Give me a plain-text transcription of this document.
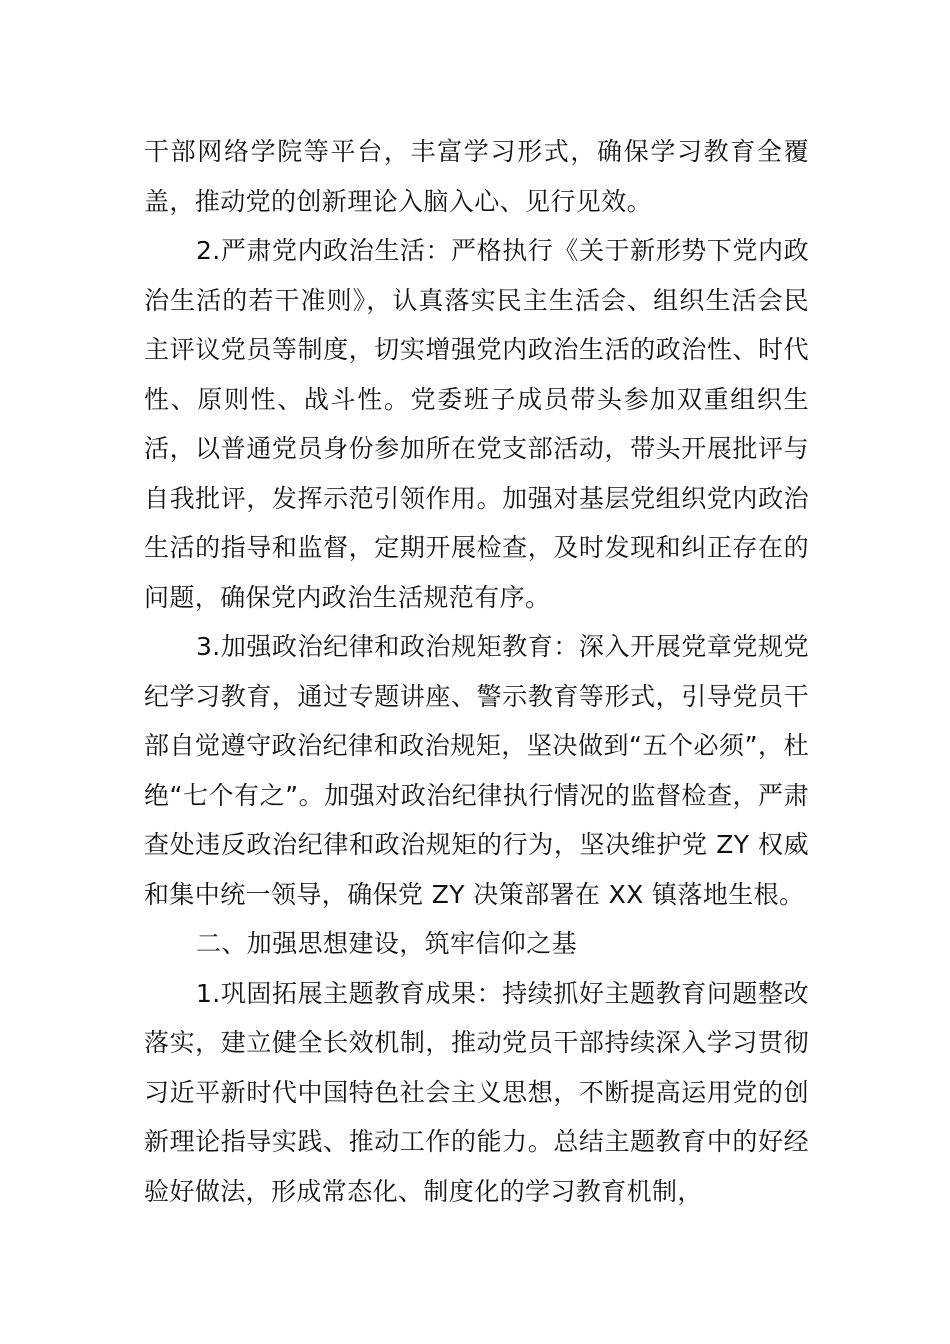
干部网络学院等平台，丰富学习形式，确保学习教育全覆盖，推动党的创新理论入脑入心、见行见效。

2.严肃党内政治生活：严格执行《关于新形势下党内政治生活的若干准则》，认真落实民主生活会、组织生活会民主评议党员等制度，切实增强党内政治生活的政治性、时代性、原则性、战斗性。党委班子成员带头参加双重组织生活，以普通党员身份参加所在党支部活动，带头开展批评与自我批评，发挥示范引领作用。加强对基层党组织党内政治生活的指导和监督，定期开展检查，及时发现和纠正存在的问题，确保党内政治生活规范有序。

3.加强政治纪律和政治规矩教育：深入开展党章党规党纪学习教育，通过专题讲座、警示教育等形式，引导党员干部自觉遵守政治纪律和政治规矩，坚决做到“五个必须”，杜绝“七个有之”。加强对政治纪律执行情况的监督检查，严肃查处违反政治纪律和政治规矩的行为，坚决维护党 ZY 权威和集中统一领导，确保党 ZY 决策部署在 XX 镇落地生根。

二、加强思想建设，筑牢信仰之基

1.巩固拓展主题教育成果：持续抓好主题教育问题整改落实，建立健全长效机制，推动党员干部持续深入学习贯彻习近平新时代中国特色社会主义思想，不断提高运用党的创新理论指导实践、推动工作的能力。总结主题教育中的好经验好做法，形成常态化、制度化的学习教育机制，
